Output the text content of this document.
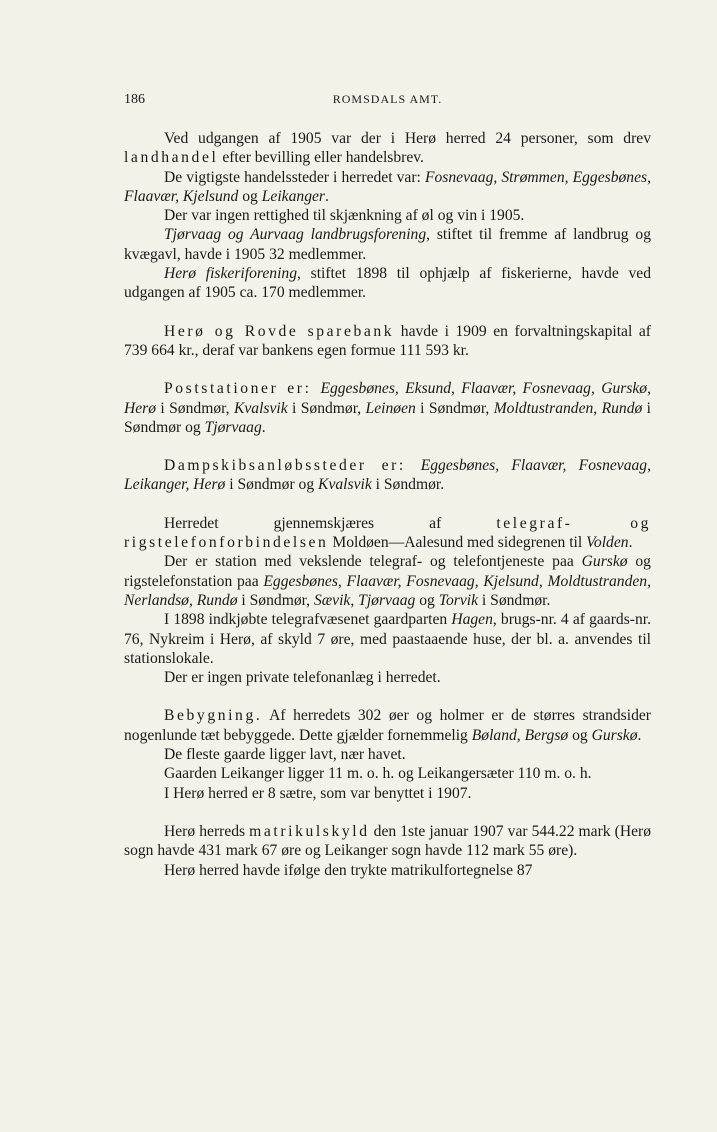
186	ROMSDALS AMT.

Ved udgangen af 1905 var der i Herø herred 24 personer, som drev landhandel efter bevilling eller handelsbrev.

De vigtigste handelssteder i herredet var: Fosnevaag, Strømmen, Eggesbønes, Flaavær, Kjelsund og Leikanger.

Der var ingen rettighed til skjænkning af øl og vin i 1905.

Tjørvaag og Aurvaag landbrugsforening, stiftet til fremme af landbrug og kvægavl, havde i 1905 32 medlemmer.

Herø fiskeriforening, stiftet 1898 til ophjælp af fiskerierne, havde ved udgangen af 1905 ca. 170 medlemmer.

Herø og Rovde sparebank havde i 1909 en forvaltningskapital af 739 664 kr., deraf var bankens egen formue 111 593 kr.

Poststationer er: Eggesbønes, Eksund, Flaavær, Fosnevaag, Gurskø, Herø i Søndmør, Kvalsvik i Søndmør, Leinøen i Søndmør, Moldtustranden, Rundø i Søndmør og Tjørvaag.

Dampskibsanløbssteder er: Eggesbønes, Flaavær, Fosnevaag, Leikanger, Herø i Søndmør og Kvalsvik i Søndmør.

Herredet gjennemskjæres af telegraf- og rigstelefonforbindelsen Moldøen—Aalesund med sidegrenen til Volden.

Der er station med vekslende telegraf- og telefontjeneste paa Gurskø og rigstelefonstation paa Eggesbønes, Flaavær, Fosnevaag, Kjelsund, Moldtustranden, Nerlandsø, Rundø i Søndmør, Sævik, Tjørvaag og Torvik i Søndmør.

I 1898 indkjøbte telegrafvæsenet gaardparten Hagen, brugs-nr. 4 af gaards-nr. 76, Nykreim i Herø, af skyld 7 øre, med paastaaende huse, der bl. a. anvendes til stationslokale.

Der er ingen private telefonanlæg i herredet.

Bebygning. Af herredets 302 øer og holmer er de størres strandsider nogenlunde tæt bebyggede. Dette gjælder fornemmelig Bøland, Bergsø og Gurskø.

De fleste gaarde ligger lavt, nær havet.

Gaarden Leikanger ligger 11 m. o. h. og Leikangersæter 110 m. o. h.

I Herø herred er 8 sætre, som var benyttet i 1907.

Herø herreds matrikulskyld den 1ste januar 1907 var 544.22 mark (Herø sogn havde 431 mark 67 øre og Leikanger sogn havde 112 mark 55 øre).

Herø herred havde ifølge den trykte matrikulfortegnelse 87
